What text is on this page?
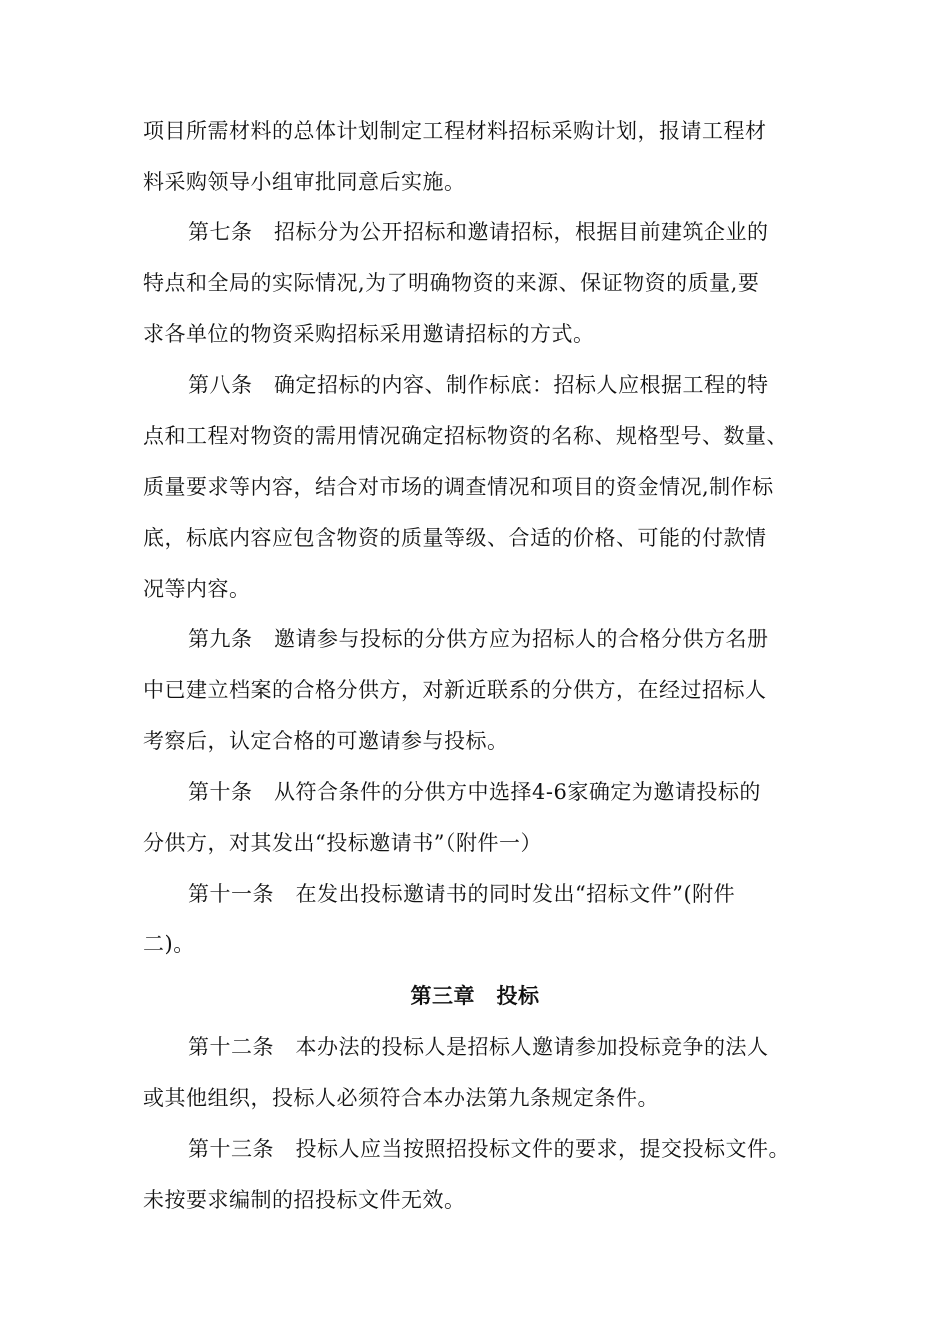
项目所需材料的总体计划制定工程材料招标采购计划，报请工程材
料采购领导小组审批同意后实施。
第七条　招标分为公开招标和邀请招标，根据目前建筑企业的
特点和全局的实际情况,为了明确物资的来源、保证物资的质量,要
求各单位的物资采购招标采用邀请招标的方式。
第八条　确定招标的内容、制作标底：招标人应根据工程的特
点和工程对物资的需用情况确定招标物资的名称、规格型号、数量、
质量要求等内容，结合对市场的调查情况和项目的资金情况,制作标
底，标底内容应包含物资的质量等级、合适的价格、可能的付款情
况等内容。
第九条　邀请参与投标的分供方应为招标人的合格分供方名册
中已建立档案的合格分供方，对新近联系的分供方，在经过招标人
考察后，认定合格的可邀请参与投标。
第十条　从符合条件的分供方中选择4-6家确定为邀请投标的
分供方，对其发出“投标邀请书”（附件一）
第十一条　在发出投标邀请书的同时发出“招标文件”(附件
二)。
第三章　投标
第十二条　本办法的投标人是招标人邀请参加投标竞争的法人
或其他组织，投标人必须符合本办法第九条规定条件。
第十三条　投标人应当按照招投标文件的要求，提交投标文件。
未按要求编制的招投标文件无效。
